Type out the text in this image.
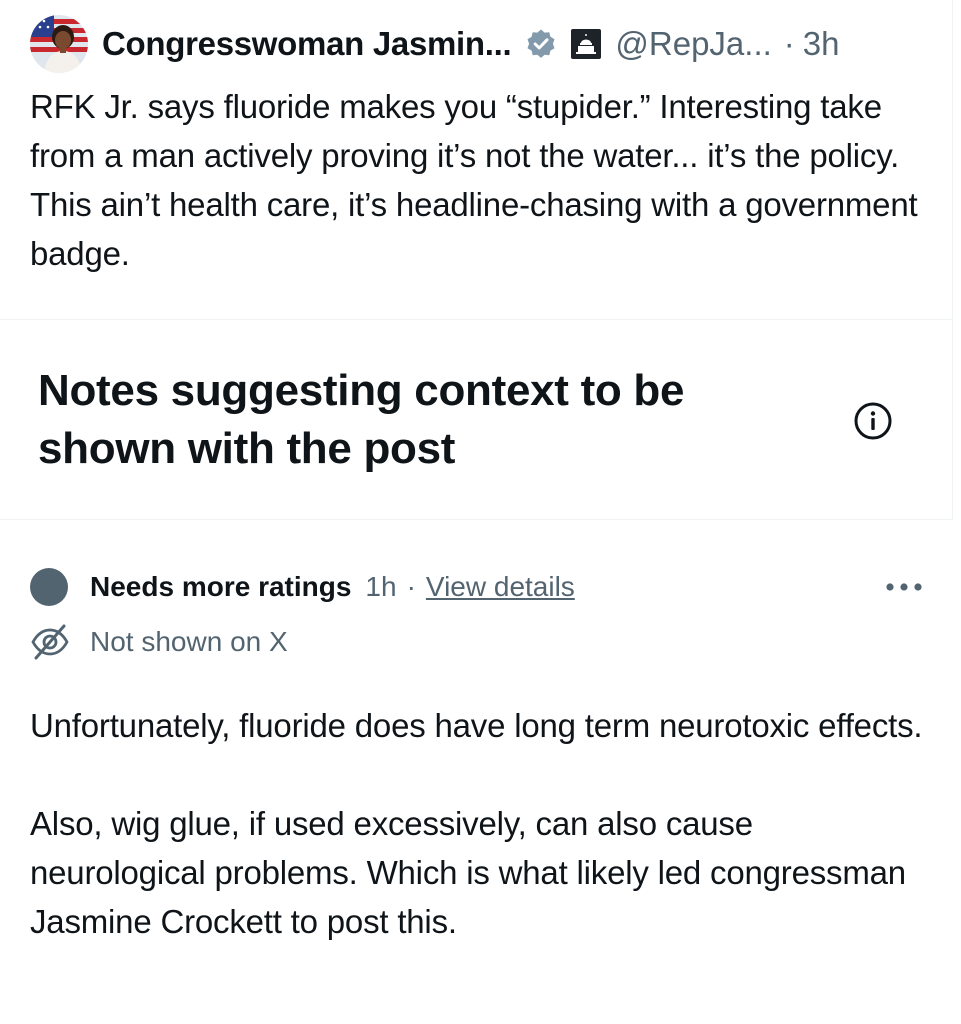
Congresswoman Jasmin...	@RepJa... · 3h
RFK Jr. says fluoride makes you “stupider.” Interesting take from a man actively proving it’s not the water... it’s the policy. This ain’t health care, it’s headline-chasing with a government badge.
Notes suggesting context to be shown with the post
Needs more ratings 1h · View details
Not shown on X

Unfortunately, fluoride does have long term neurotoxic effects.

Also, wig glue, if used excessively, can also cause neurological problems. Which is what likely led congressman Jasmine Crockett to post this.
